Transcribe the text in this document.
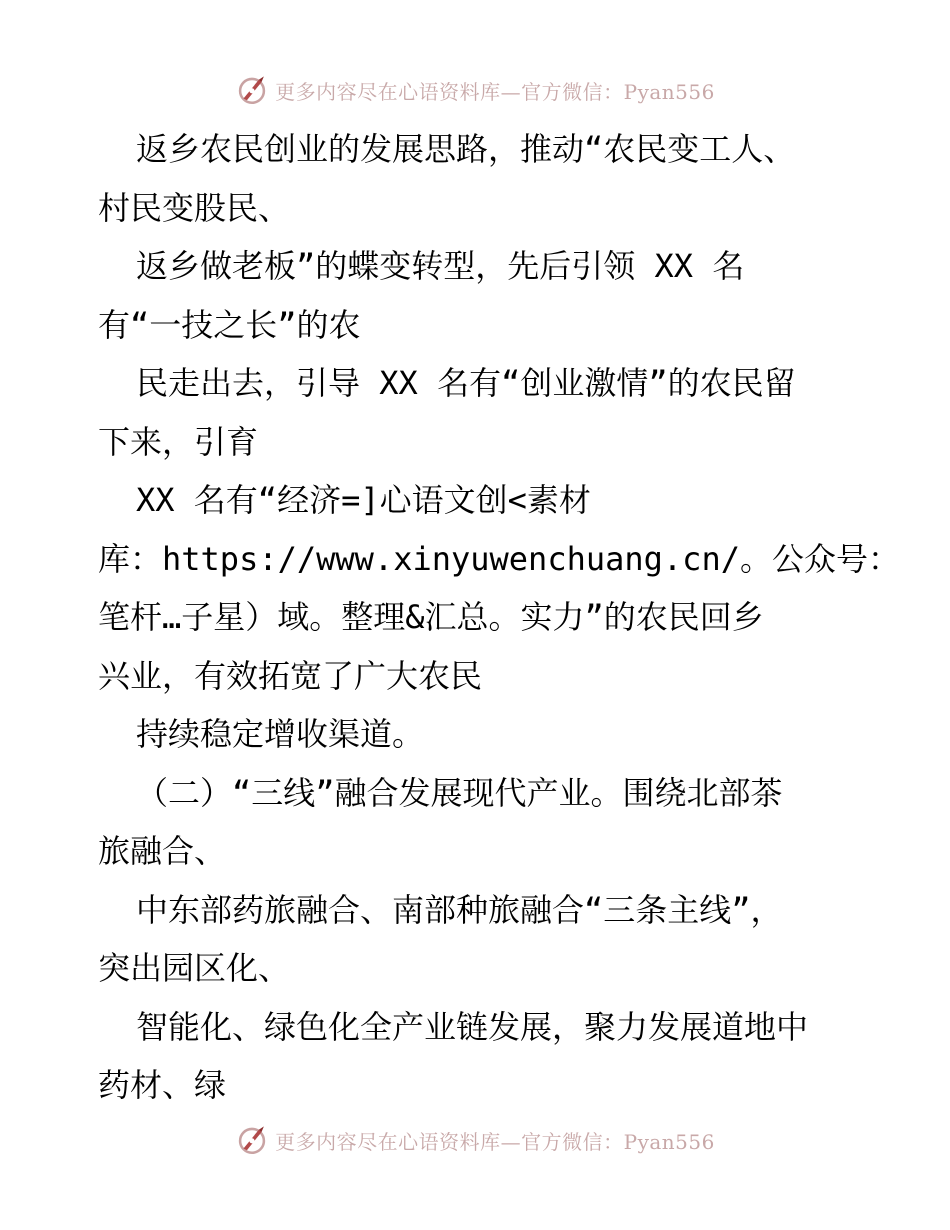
更多内容尽在心语资料库—官方微信：Pyan556
返乡农民创业的发展思路，推动“农民变工人、
村民变股民、
返乡做老板”的蝶变转型，先后引领 XX 名
有“一技之长”的农
民走出去，引导 XX 名有“创业激情”的农民留
下来，引育
XX 名有“经济=]心语文创<素材
库：https://www.xinyuwenchuang.cn/。公众号：
笔杆…子星）域。整理&汇总。实力”的农民回乡
兴业，有效拓宽了广大农民
持续稳定增收渠道。
（二）“三线”融合发展现代产业。围绕北部茶
旅融合、
中东部药旅融合、南部种旅融合“三条主线”，
突出园区化、
智能化、绿色化全产业链发展，聚力发展道地中
药材、绿
更多内容尽在心语资料库—官方微信：Pyan556
